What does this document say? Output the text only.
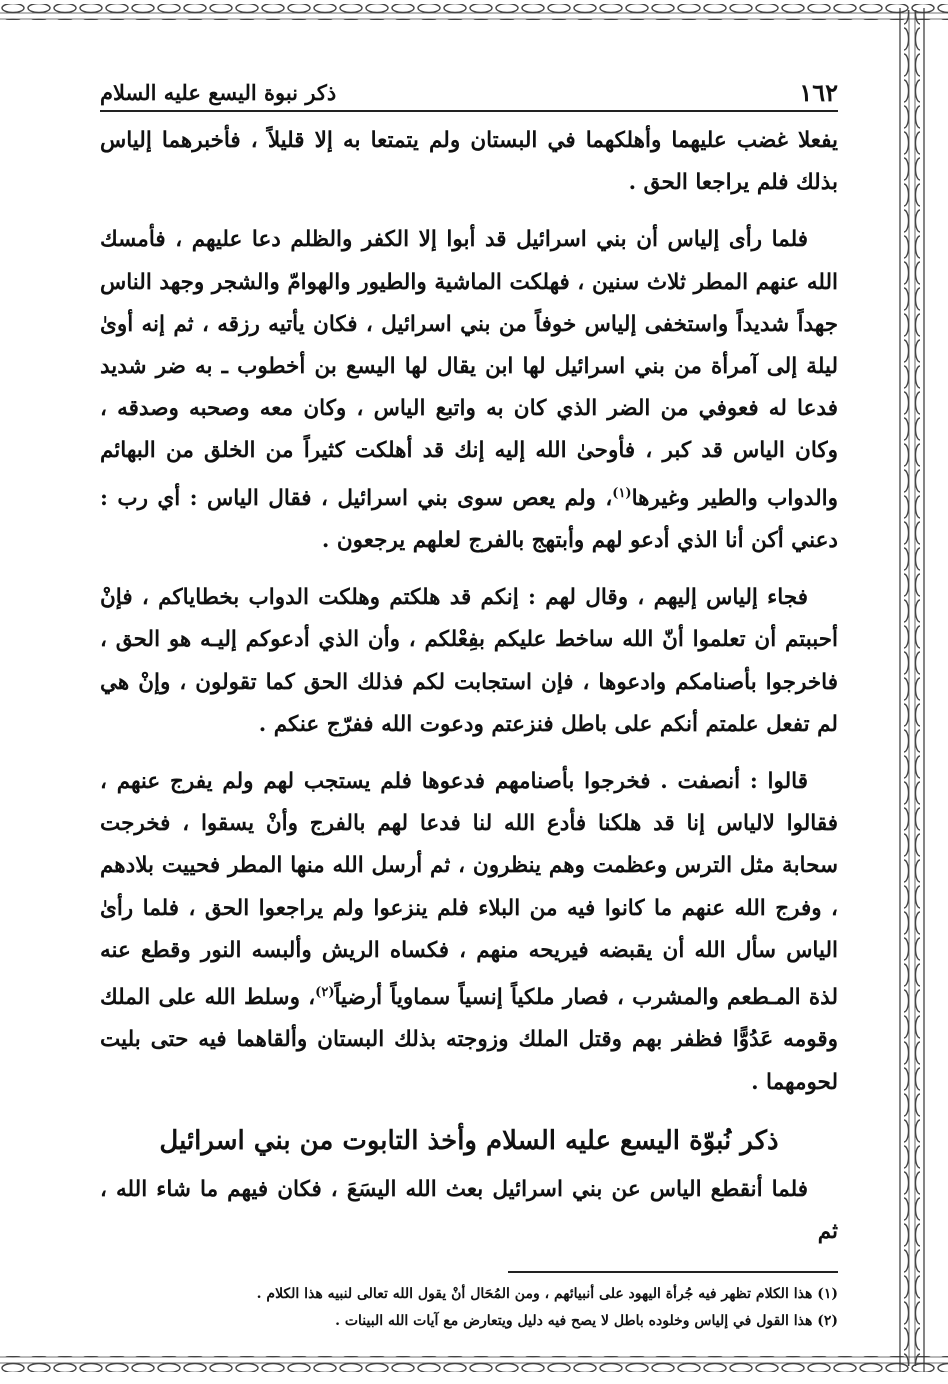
١٦٢
ذكر نبوة اليسع عليه السلام

يفعلا غضب عليهما وأهلكهما في البستان ولم يتمتعا به إلا قليلاً ، فأخبرهما إلياس بذلك فلم يراجعا الحق .

فلما رأى إلياس أن بني اسرائيل قد أبوا إلا الكفر والظلم دعا عليهم ، فأمسك الله عنهم المطر ثلاث سنين ، فهلكت الماشية والطيور والهوامّ والشجر وجهد الناس جهداً شديداً واستخفى إلياس خوفاً من بني اسرائيل ، فكان يأتيه رزقه ، ثم إنه أوىٰ ليلة إلى آمرأة من بني اسرائيل لها ابن يقال لها اليسع بن أخطوب ـ به ضر شديد فدعا له فعوفي من الضر الذي كان به واتبع الياس ، وكان معه وصحبه وصدقه ، وكان الياس قد كبر ، فأوحىٰ الله إليه إنك قد أهلكت كثيراً من الخلق من البهائم والدواب والطير وغيرها$^{(١)}$، ولم يعص سوى بني اسرائيل ، فقال الياس : أي رب : دعني أكن أنا الذي أدعو لهم وأبتهج بالفرج لعلهم يرجعون .

فجاء إلياس إليهم ، وقال لهم : إنكم قد هلكتم وهلكت الدواب بخطاياكم ، فإنْ أحببتم أن تعلموا أنّ الله ساخط عليكم بفِعْلكم ، وأن الذي أدعوكم إليـه هو الحق ، فاخرجوا بأصنامكم وادعوها ، فإن استجابت لكم فذلك الحق كما تقولون ، وإنْ هي لم تفعل علمتم أنكم على باطل فنزعتم ودعوت الله ففرّج عنكم .

قالوا : أنصفت . فخرجوا بأصنامهم فدعوها فلم يستجب لهم ولم يفرج عنهم ، فقالوا لالياس إنا قد هلكنا فأدع الله لنا فدعا لهم بالفرج وأنْ يسقوا ، فخرجت سحابة مثل الترس وعظمت وهم ينظرون ، ثم أرسل الله منها المطر فحييت بلادهم ، وفرج الله عنهم ما كانوا فيه من البلاء فلم ينزعوا ولم يراجعوا الحق ، فلما رأىٰ الياس سأل الله أن يقبضه فيريحه منهم ، فكساه الريش وألبسه النور وقطع عنه لذة المـطعم والمشرب ، فصار ملكياً إنسياً سماوياً أرضياً$^{(٢)}$، وسلط الله على الملك وقومه عَدُوًّا فظفر بهم وقتل الملك وزوجته بذلك البستان وألقاهما فيه حتى بليت لحومهما .

ذكر نُبوّة اليسع عليه السلام وأخذ التابوت من بني اسرائيل

فلما أنقطع الياس عن بني اسرائيل بعث الله اليسَعَ ، فكان فيهم ما شاء الله ، ثم

(١) هذا الكلام تظهر فيه جُرأة اليهود على أنبيائهم ، ومن المُحَال أنْ يقول الله تعالى لنبيه هذا الكلام .

(٢) هذا القول في إلياس وخلوده باطل لا يصح فيه دليل ويتعارض مع آيات الله البينات .
